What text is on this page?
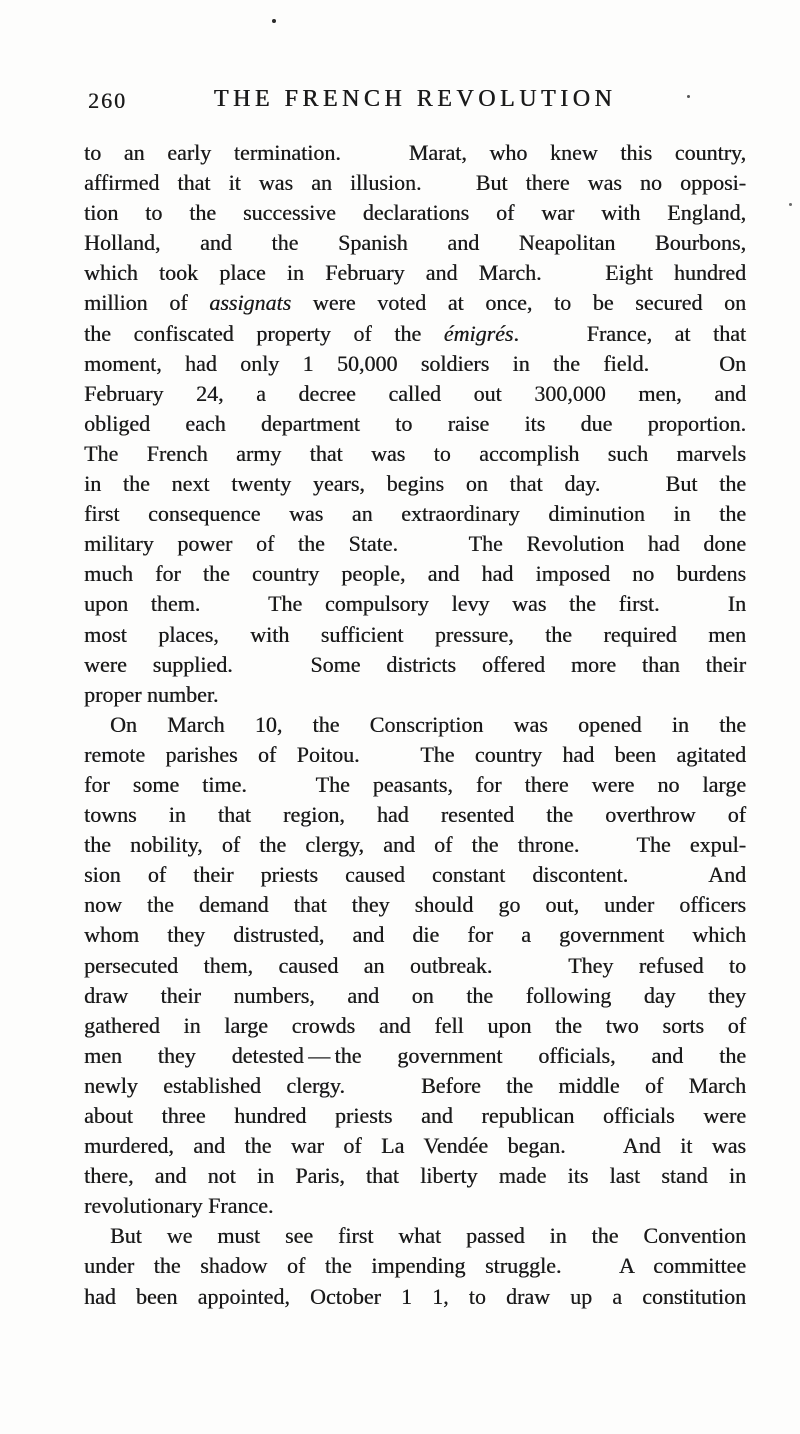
260	THE FRENCH REVOLUTION
to an early termination.   Marat, who knew this country,
affirmed that it was an illusion.   But there was no opposi-
tion to the successive declarations of war with England,
Holland, and the Spanish and Neapolitan Bourbons,
which took place in February and March.   Eight hundred
million of assignats were voted at once, to be secured on
the confiscated property of the émigrés.   France, at that
moment, had only 1 50,000 soldiers in the field.   On
February 24, a decree called out 300,000 men, and
obliged each department to raise its due proportion.
The French army that was to accomplish such marvels
in the next twenty years, begins on that day.   But the
first consequence was an extraordinary diminution in the
military power of the State.   The Revolution had done
much for the country people, and had imposed no burdens
upon them.   The compulsory levy was the first.   In
most places, with sufficient pressure, the required men
were supplied.   Some districts offered more than their
proper number.
On March 10, the Conscription was opened in the
remote parishes of Poitou.   The country had been agitated
for some time.   The peasants, for there were no large
towns in that region, had resented the overthrow of
the nobility, of the clergy, and of the throne.   The expul-
sion of their priests caused constant discontent.   And
now the demand that they should go out, under officers
whom they distrusted, and die for a government which
persecuted them, caused an outbreak.   They refused to
draw their numbers, and on the following day they
gathered in large crowds and fell upon the two sorts of
men they detested — the government officials, and the
newly established clergy.   Before the middle of March
about three hundred priests and republican officials were
murdered, and the war of La Vendée began.   And it was
there, and not in Paris, that liberty made its last stand in
revolutionary France.
But we must see first what passed in the Convention
under the shadow of the impending struggle.   A committee
had been appointed, October 1 1, to draw up a constitution
